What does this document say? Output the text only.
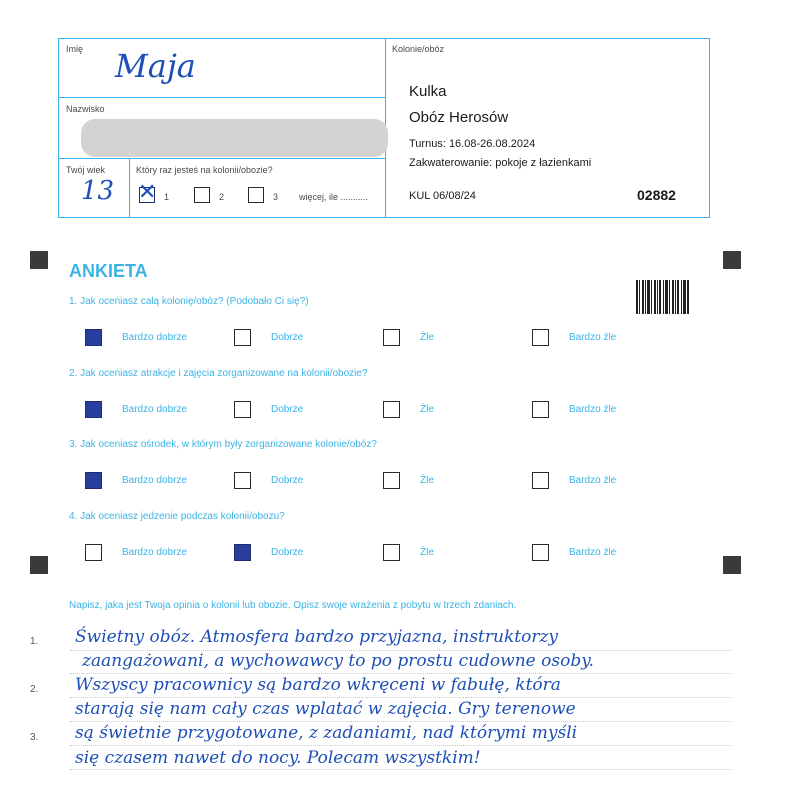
Imię Maja
Nazwisko
Twój wiek
13
Który raz jesteś na kolonii/obozie?
✕ 1	2	3 więcej, ile ...........
Kolonie/obóz
Kulka
Obóz Herosów
Turnus: 16.08-26.08.2024
Zakwaterowanie: pokoje z łazienkami
KUL 06/08/24	02882
ANKIETA
1. Jak oceniasz całą kolonię/obóz? (Podobało Ci się?)
Bardzo dobrze	Dobrze	Źle	Bardzo źle
2. Jak oceniasz atrakcje i zajęcia zorganizowane na kolonii/obozie?
Bardzo dobrze	Dobrze	Źle	Bardzo źle
3. Jak oceniasz ośrodek, w którym były zorganizowane kolonie/obóz?
Bardzo dobrze	Dobrze	Źle	Bardzo źle
4. Jak oceniasz jedzenie podczas kolonii/obozu?
Bardzo dobrze	Dobrze	Źle	Bardzo źle
Napisz, jaka jest Twoja opinia o kolonii lub obozie. Opisz swoje wrażenia z pobytu w trzech zdaniach.
1.
2.
3.
Świetny obóz. Atmosfera bardzo przyjazna, instruktorzy
zaangażowani, a wychowawcy to po prostu cudowne osoby.
Wszyscy pracownicy są bardzo wkręceni w fabułę, która
starają się nam cały czas wplatać w zajęcia. Gry terenowe
są świetnie przygotowane, z zadaniami, nad którymi myśli
się czasem nawet do nocy. Polecam wszystkim!
